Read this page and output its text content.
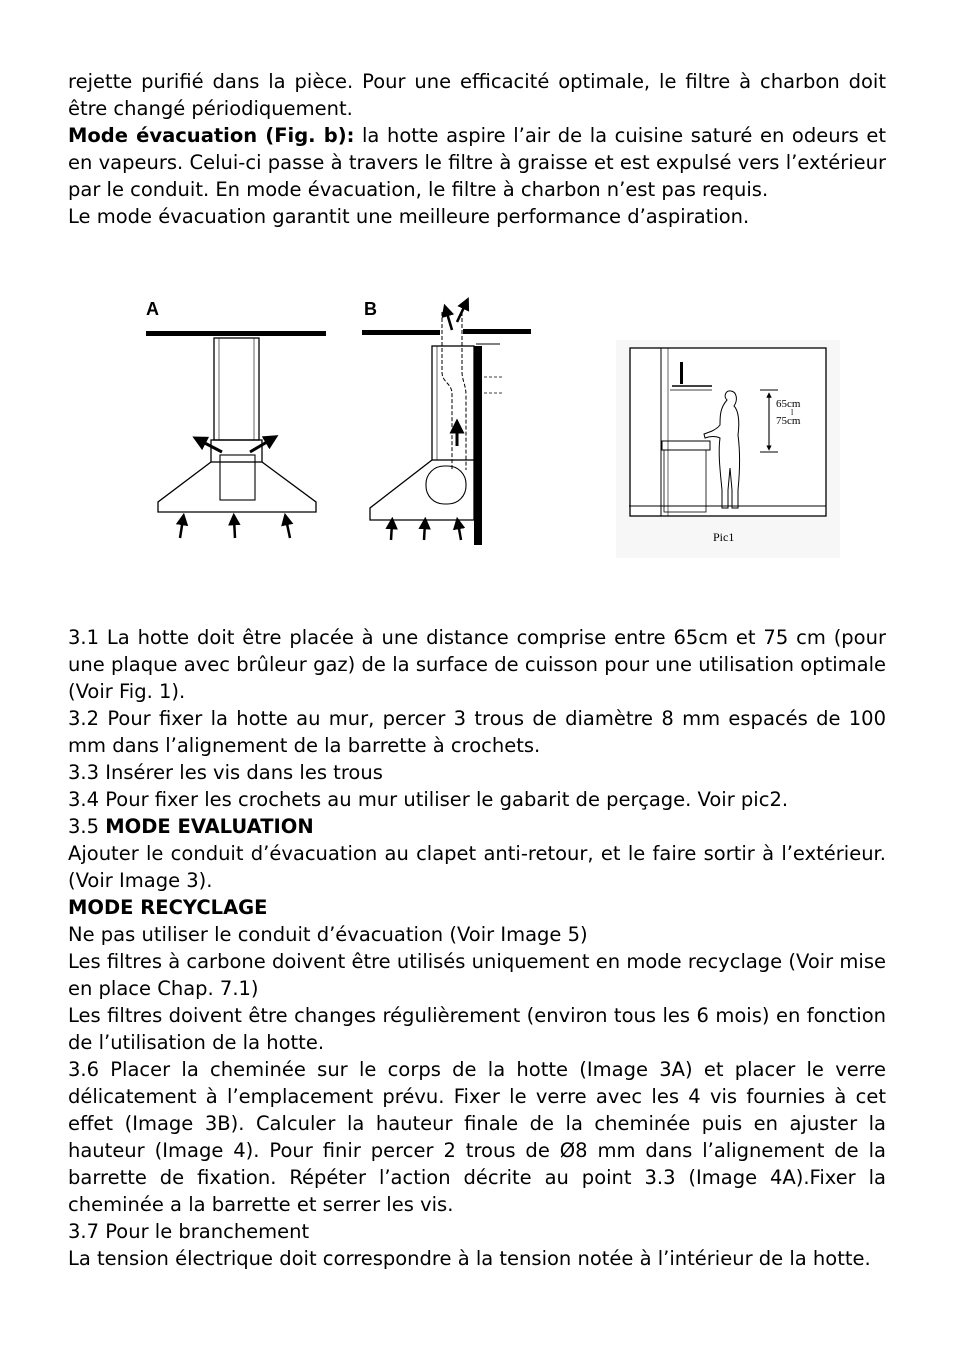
rejette purifié dans la pièce. Pour une efficacité optimale, le filtre à charbon doit être changé périodiquement.

Mode évacuation (Fig. b): la hotte aspire l’air de la cuisine saturé en odeurs et en vapeurs. Celui-ci passe à travers le filtre à graisse et est expulsé vers l’extérieur par le conduit. En mode évacuation, le filtre à charbon n’est pas requis.

Le mode évacuation garantit une meilleure performance d’aspiration.

A	B
65cm
l
75cm
Pic1

3.1 La hotte doit être placée à une distance comprise entre 65cm et 75 cm (pour une plaque avec brûleur gaz) de la surface de cuisson pour une utilisation optimale (Voir Fig. 1).

3.2 Pour fixer la hotte au mur, percer 3 trous de diamètre 8 mm espacés de 100 mm dans l’alignement de la barrette à crochets.

3.3 Insérer les vis dans les trous

3.4 Pour fixer les crochets au mur utiliser le gabarit de perçage. Voir pic2.

3.5 MODE EVALUATION

Ajouter le conduit d’évacuation au clapet anti-retour, et le faire sortir à l’extérieur. (Voir Image 3).

MODE RECYCLAGE

Ne pas utiliser le conduit d’évacuation (Voir Image 5)

Les filtres à carbone doivent être utilisés uniquement en mode recyclage (Voir mise en place Chap. 7.1)

Les filtres doivent être changes régulièrement (environ tous les 6 mois) en fonction de l’utilisation de la hotte.

3.6 Placer la cheminée sur le corps de la hotte (Image 3A) et placer le verre délicatement à l’emplacement prévu. Fixer le verre avec les 4 vis fournies à cet effet (Image 3B). Calculer la hauteur finale de la cheminée puis en ajuster la hauteur (Image 4). Pour finir percer 2 trous de Ø8 mm dans l’alignement de la barrette de fixation. Répéter l’action décrite au point 3.3 (Image 4A).Fixer la cheminée a la barrette et serrer les vis.

3.7 Pour le branchement

La tension électrique doit correspondre à la tension notée à l’intérieur de la hotte.
